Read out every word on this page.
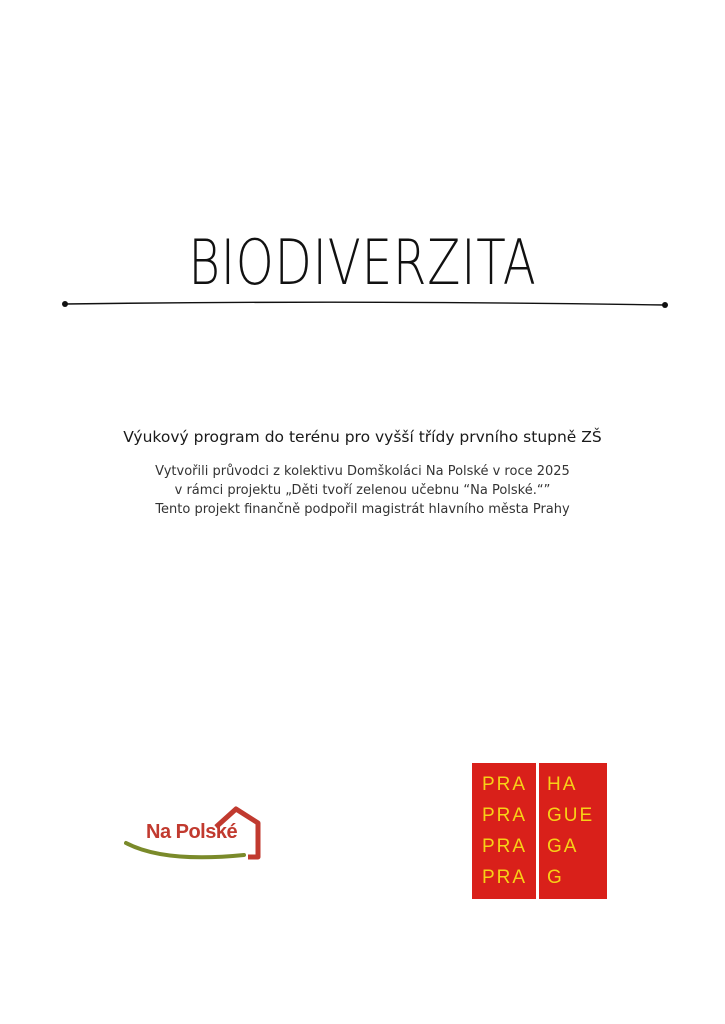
BIODIVERZITA
Výukový program do terénu pro vyšší třídy prvního stupně ZŠ
Vytvořili průvodci z kolektivu Domškoláci Na Polské v roce 2025
v rámci projektu „Děti tvoří zelenou učebnu “Na Polské.“”
Tento projekt finančně podpořil magistrát hlavního města Prahy
Na Polské
PRA
PRA
PRA
PRA
HA
GUE
GA
G
